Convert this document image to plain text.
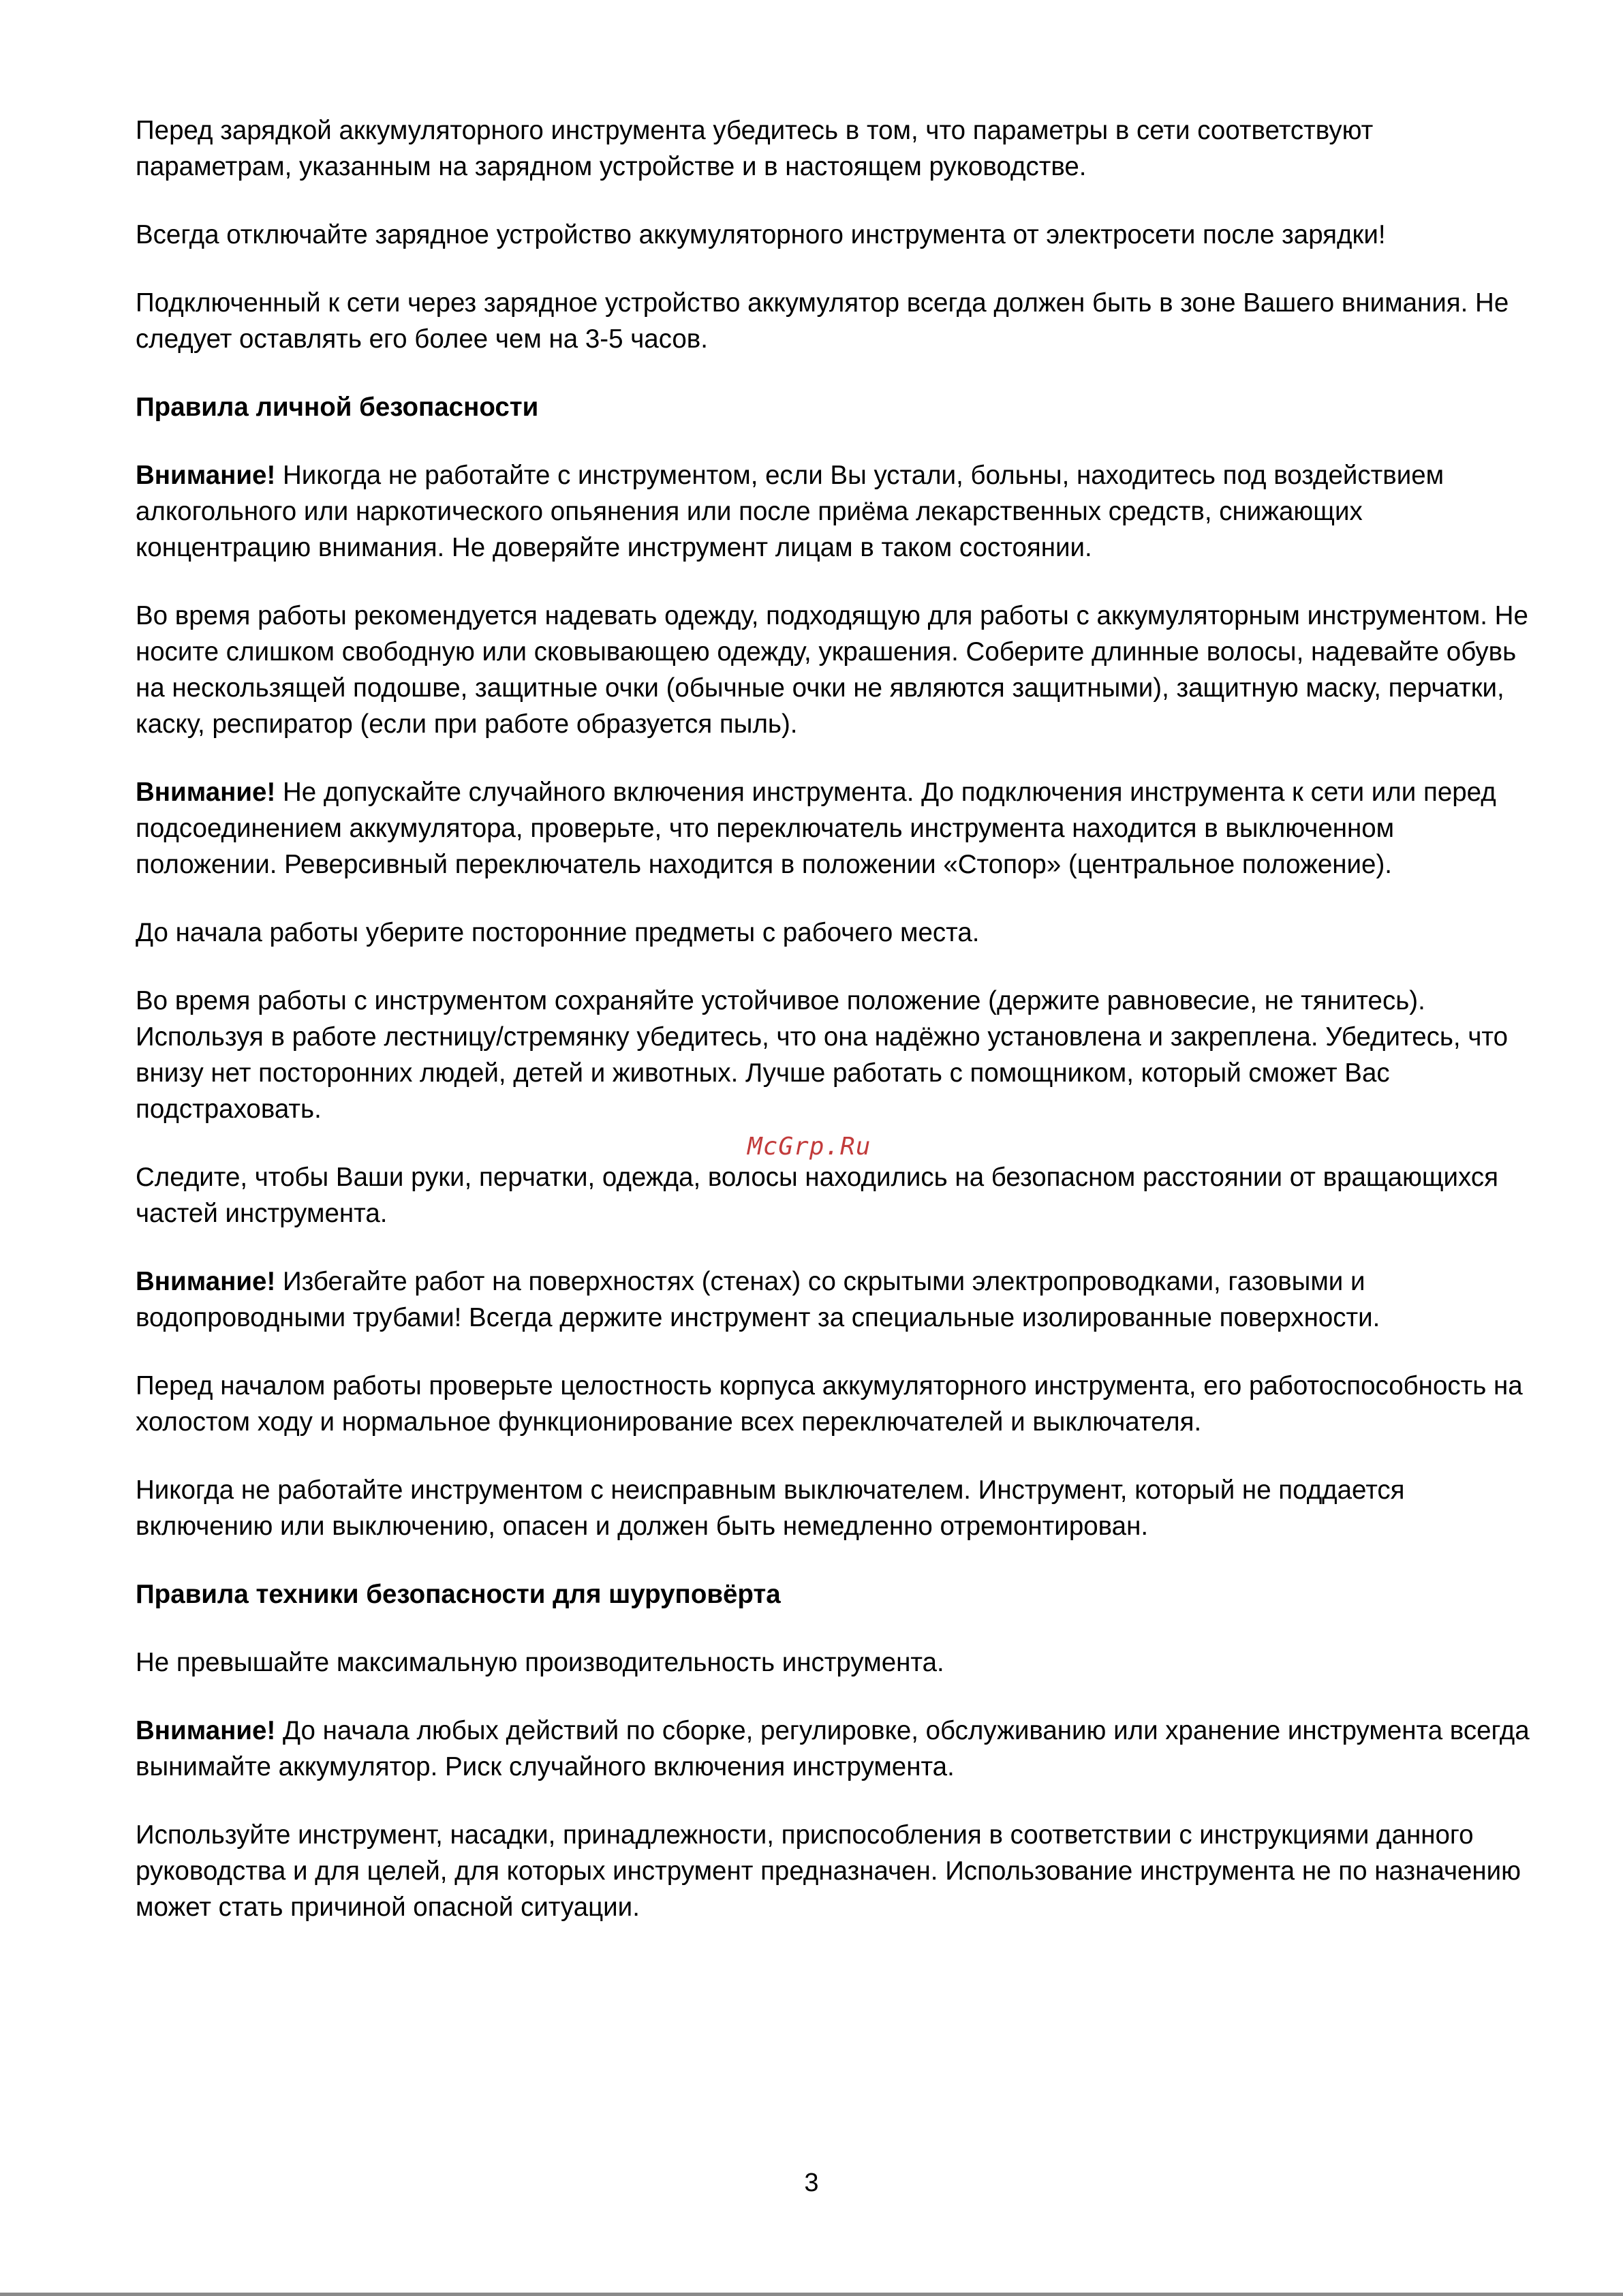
Перед зарядкой аккумуляторного инструмента убедитесь в том, что параметры в сети соответствуют параметрам, указанным на зарядном устройстве и в настоящем руководстве.

Всегда отключайте зарядное устройство аккумуляторного инструмента от электросети после зарядки!

Подключенный к сети через зарядное устройство аккумулятор всегда должен быть в зоне Вашего внимания. Не следует оставлять его более чем на 3-5 часов.

Правила личной безопасности

Внимание! Никогда не работайте с инструментом, если Вы устали, больны, находитесь под воздействием алкогольного или наркотического опьянения или после приёма лекарственных средств, снижающих концентрацию внимания. Не доверяйте инструмент лицам в таком состоянии.

Во время работы рекомендуется надевать одежду, подходящую для работы с аккумуляторным инструментом. Не носите слишком свободную или сковывающею одежду, украшения. Соберите длинные волосы, надевайте обувь на нескользящей подошве, защитные очки (обычные очки не являются защитными), защитную маску, перчатки, каску, респиратор (если при работе образуется пыль).

Внимание! Не допускайте случайного включения инструмента. До подключения инструмента к сети или перед подсоединением аккумулятора, проверьте, что переключатель инструмента находится в выключенном положении. Реверсивный переключатель находится в положении «Стопор» (центральное положение).

До начала работы уберите посторонние предметы с рабочего места.

Во время работы с инструментом сохраняйте устойчивое положение (держите равновесие, не тянитесь). Используя в работе лестницу/стремянку убедитесь, что она надёжно установлена и закреплена. Убедитесь, что внизу нет посторонних людей, детей и животных. Лучше работать с помощником, который сможет Вас подстраховать.

Следите, чтобы Ваши руки, перчатки, одежда, волосы находились на безопасном расстоянии от вращающихся частей инструмента.

Внимание! Избегайте работ на поверхностях (стенах) со скрытыми электропроводками, газовыми и водопроводными трубами! Всегда держите инструмент за специальные изолированные поверхности.

Перед началом работы проверьте целостность корпуса аккумуляторного инструмента, его работоспособность на холостом ходу и нормальное функционирование всех переключателей и выключателя.

Никогда не работайте инструментом с неисправным выключателем. Инструмент, который не поддается включению или выключению, опасен и должен быть немедленно отремонтирован.

Правила техники безопасности для шуруповёрта

Не превышайте максимальную производительность инструмента.

Внимание! До начала любых действий по сборке, регулировке, обслуживанию или хранение инструмента всегда вынимайте аккумулятор. Риск случайного включения инструмента.

Используйте инструмент, насадки, принадлежности, приспособления в соответствии с инструкциями данного руководства и для целей, для которых инструмент предназначен. Использование инструмента не по назначению может стать причиной опасной ситуации.

McGrp.Ru
3
